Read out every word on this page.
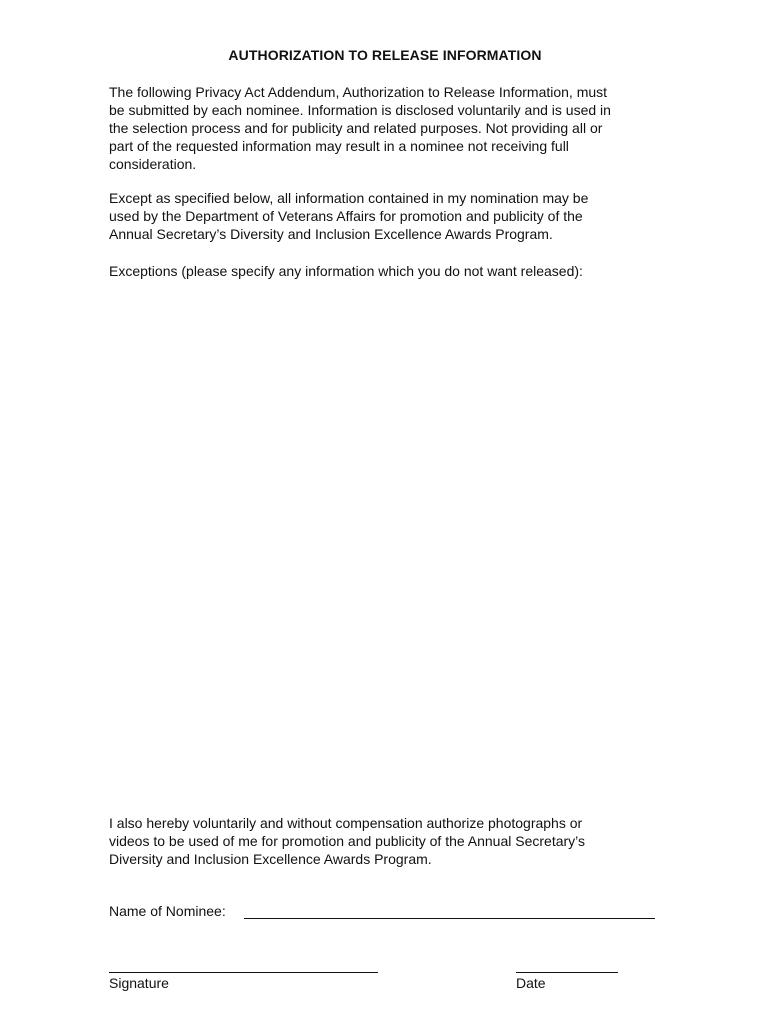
AUTHORIZATION TO RELEASE INFORMATION
The following Privacy Act Addendum, Authorization to Release Information, must
be submitted by each nominee. Information is disclosed voluntarily and is used in
the selection process and for publicity and related purposes. Not providing all or
part of the requested information may result in a nominee not receiving full
consideration.
Except as specified below, all information contained in my nomination may be
used by the Department of Veterans Affairs for promotion and publicity of the
Annual Secretary’s Diversity and Inclusion Excellence Awards Program.
Exceptions (please specify any information which you do not want released):
I also hereby voluntarily and without compensation authorize photographs or
videos to be used of me for promotion and publicity of the Annual Secretary’s
Diversity and Inclusion Excellence Awards Program.
Name of Nominee:
Signature	Date
